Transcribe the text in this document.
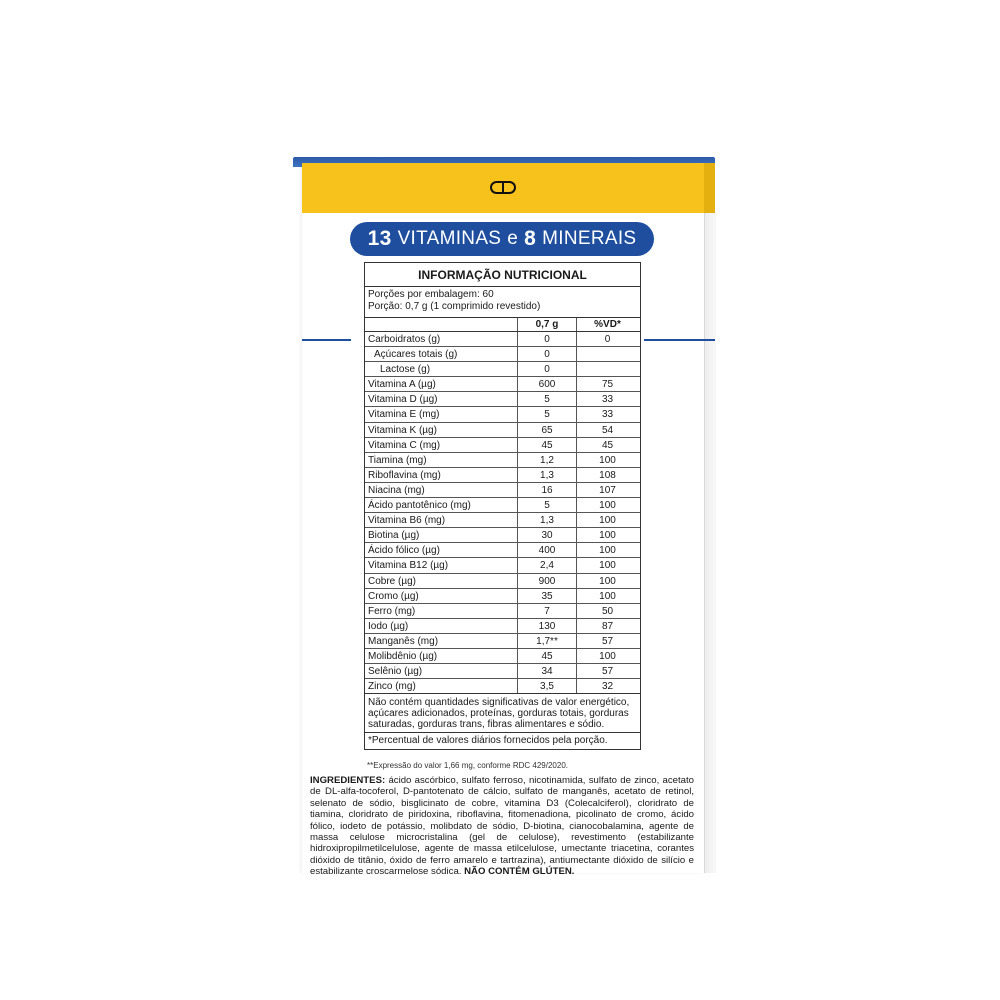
13 VITAMINAS e 8 MINERAIS
INFORMAÇÃO NUTRICIONAL
Porções por embalagem: 60
Porção: 0,7 g (1 comprimido revestido)
0,7 g	%VD*
Carboidratos (g)	0	0
Açúcares totais (g)	0
Lactose (g)	0
Vitamina A (µg)	600	75
Vitamina D (µg)	5	33
Vitamina E (mg)	5	33
Vitamina K (µg)	65	54
Vitamina C (mg)	45	45
Tiamina (mg)	1,2	100
Riboflavina (mg)	1,3	108
Niacina (mg)	16	107
Ácido pantotênico (mg)	5	100
Vitamina B6 (mg)	1,3	100
Biotina (µg)	30	100
Ácido fólico (µg)	400	100
Vitamina B12 (µg)	2,4	100
Cobre (µg)	900	100
Cromo (µg)	35	100
Ferro (mg)	7	50
Iodo (µg)	130	87
Manganês (mg)	1,7**	57
Molibdênio (µg)	45	100
Selênio (µg)	34	57
Zinco (mg)	3,5	32
Não contém quantidades significativas de valor energético, açúcares adicionados, proteínas, gorduras totais, gorduras saturadas, gorduras trans, fibras alimentares e sódio.
*Percentual de valores diários fornecidos pela porção.
**Expressão do valor 1,66 mg, conforme RDC 429/2020.
INGREDIENTES: ácido ascórbico, sulfato ferroso, nicotinamida, sulfato de zinco, acetato de DL-alfa-tocoferol, D-pantotenato de cálcio, sulfato de manganês, acetato de retinol, selenato de sódio, bisglicinato de cobre, vitamina D3 (Colecalciferol), cloridrato de tiamina, cloridrato de piridoxina, riboflavina, fitomenadiona, picolinato de cromo, ácido fólico, iodeto de potássio, molibdato de sódio, D-biotina, cianocobalamina, agente de massa celulose microcristalina (gel de celulose), revestimento (estabilizante hidroxipropilmetilcelulose, agente de massa etilcelulose, umectante triacetina, corantes dióxido de titânio, óxido de ferro amarelo e tartrazina), antiumectante dióxido de silício e estabilizante croscarmelose sódica. NÃO CONTÉM GLÚTEN.
